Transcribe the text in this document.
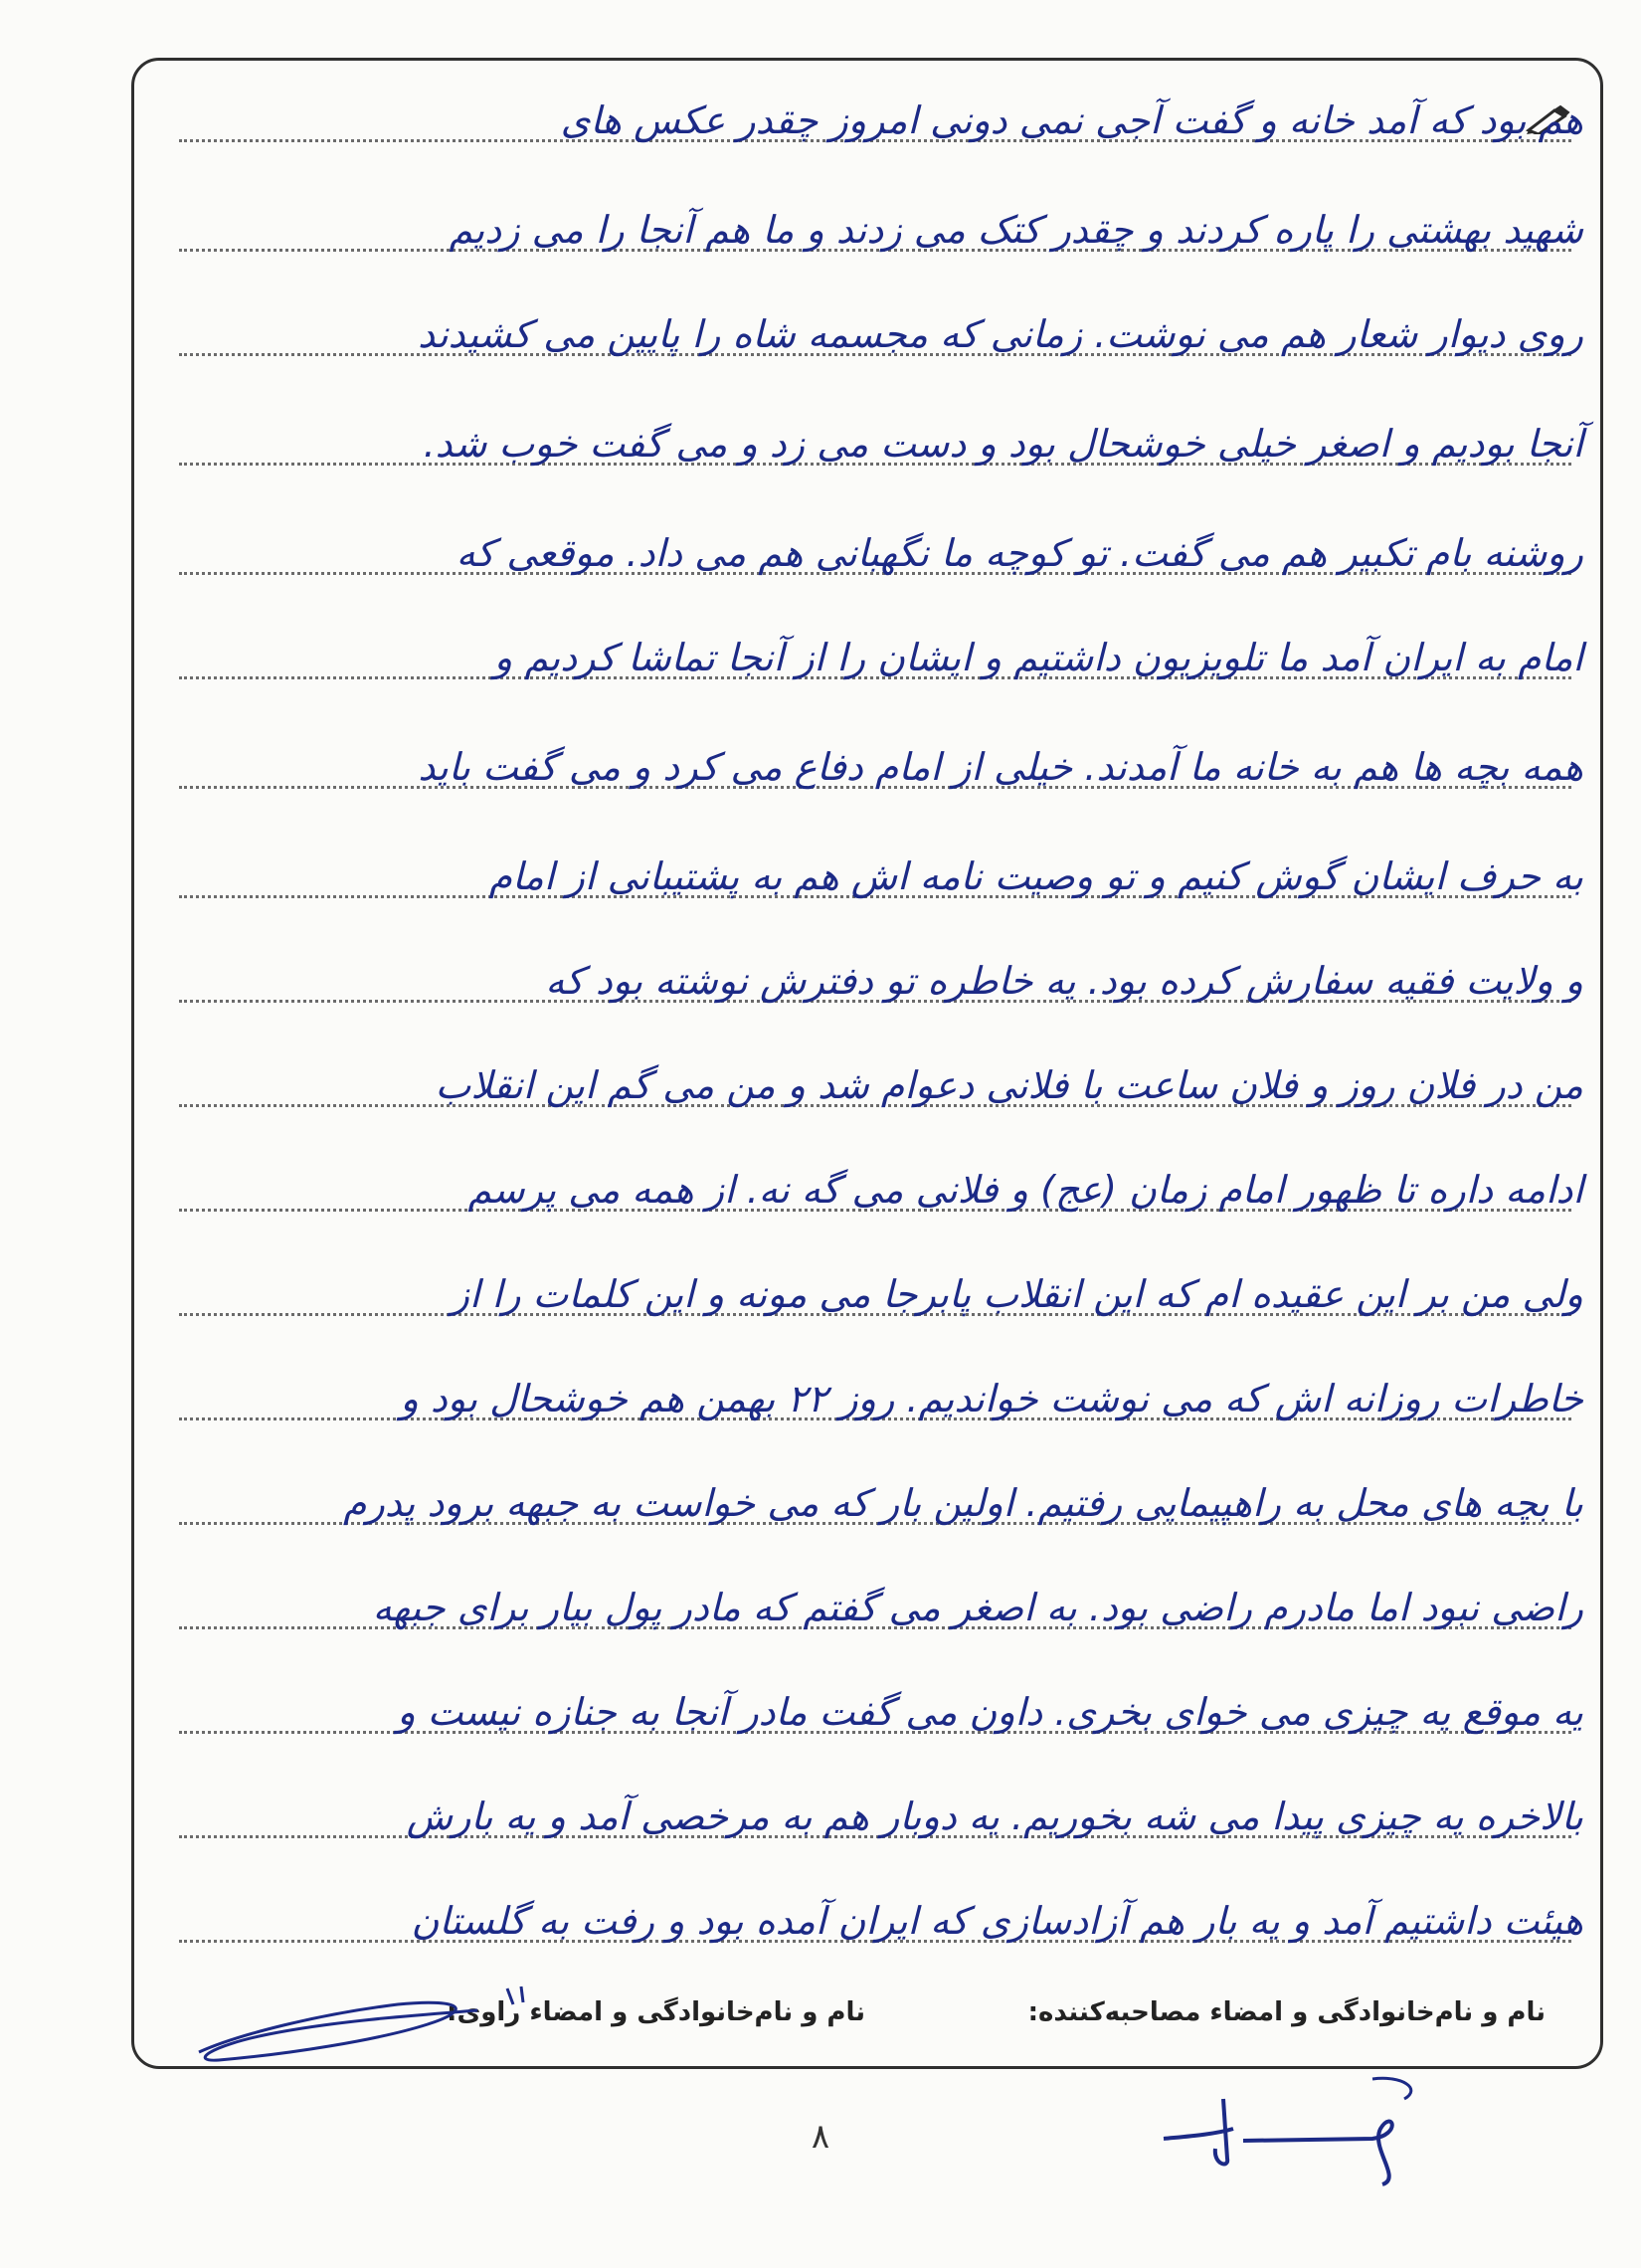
هم بود که آمد خانه و گفت آجی نمی دونی امروز چقدر عکس های
شهید بهشتی را پاره کردند و چقدر کتک می زدند و ما هم آنجا را می زدیم
روی دیوار شعار هم می نوشت. زمانی که مجسمه شاه را پایین می کشیدند
آنجا بودیم و اصغر خیلی خوشحال بود و دست می زد و می گفت خوب شد.
روشنه بام تکبیر هم می گفت. تو کوچه ما نگهبانی هم می داد. موقعی که
امام به ایران آمد ما تلویزیون داشتیم و ایشان را از آنجا تماشا کردیم و
همه بچه ها هم به خانه ما آمدند. خیلی از امام دفاع می کرد و می گفت باید
به حرف ایشان گوش کنیم و تو وصیت نامه اش هم به پشتیبانی از امام
و ولایت فقیه سفارش کرده بود. یه خاطره تو دفترش نوشته بود که
من در فلان روز و فلان ساعت با فلانی دعوام شد و من می گم این انقلاب
ادامه داره تا ظهور امام زمان (عج) و فلانی می گه نه. از همه می پرسم
ولی من بر این عقیده ام که این انقلاب پابرجا می مونه و این کلمات را از
خاطرات روزانه اش که می نوشت خواندیم. روز ۲۲ بهمن هم خوشحال بود و
با بچه های محل به راهپیمایی رفتیم. اولین بار که می خواست به جبهه برود پدرم
راضی نبود اما مادرم راضی بود. به اصغر می گفتم که مادر پول بیار برای جبهه
یه موقع یه چیزی می خوای بخری. داون می گفت مادر آنجا به جنازه نیست و
بالاخره یه چیزی پیدا می شه بخوریم. یه دوبار هم به مرخصی آمد و یه بارش
هیئت داشتیم آمد و یه بار هم آزادسازی که ایران آمده بود و رفت به گلستان
نام و نام‌خانوادگی و امضاء مصاحبه‌کننده:
نام و نام‌خانوادگی و امضاء راوی:
۸
